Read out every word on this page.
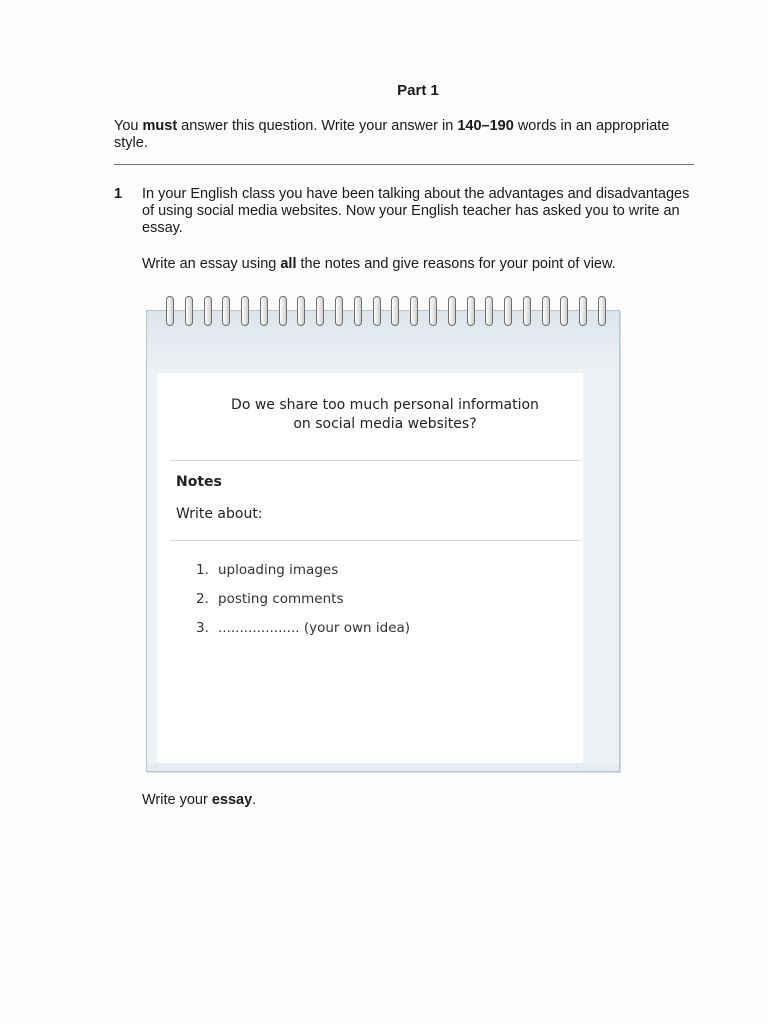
Part 1
You must answer this question. Write your answer in 140–190 words in an appropriate style.
1 In your English class you have been talking about the advantages and disadvantages of using social media websites. Now your English teacher has asked you to write an essay.
Write an essay using all the notes and give reasons for your point of view.
Do we share too much personal information
on social media websites?
Notes
Write about:
1. uploading images
2. posting comments
3. ................... (your own idea)
Write your essay.
